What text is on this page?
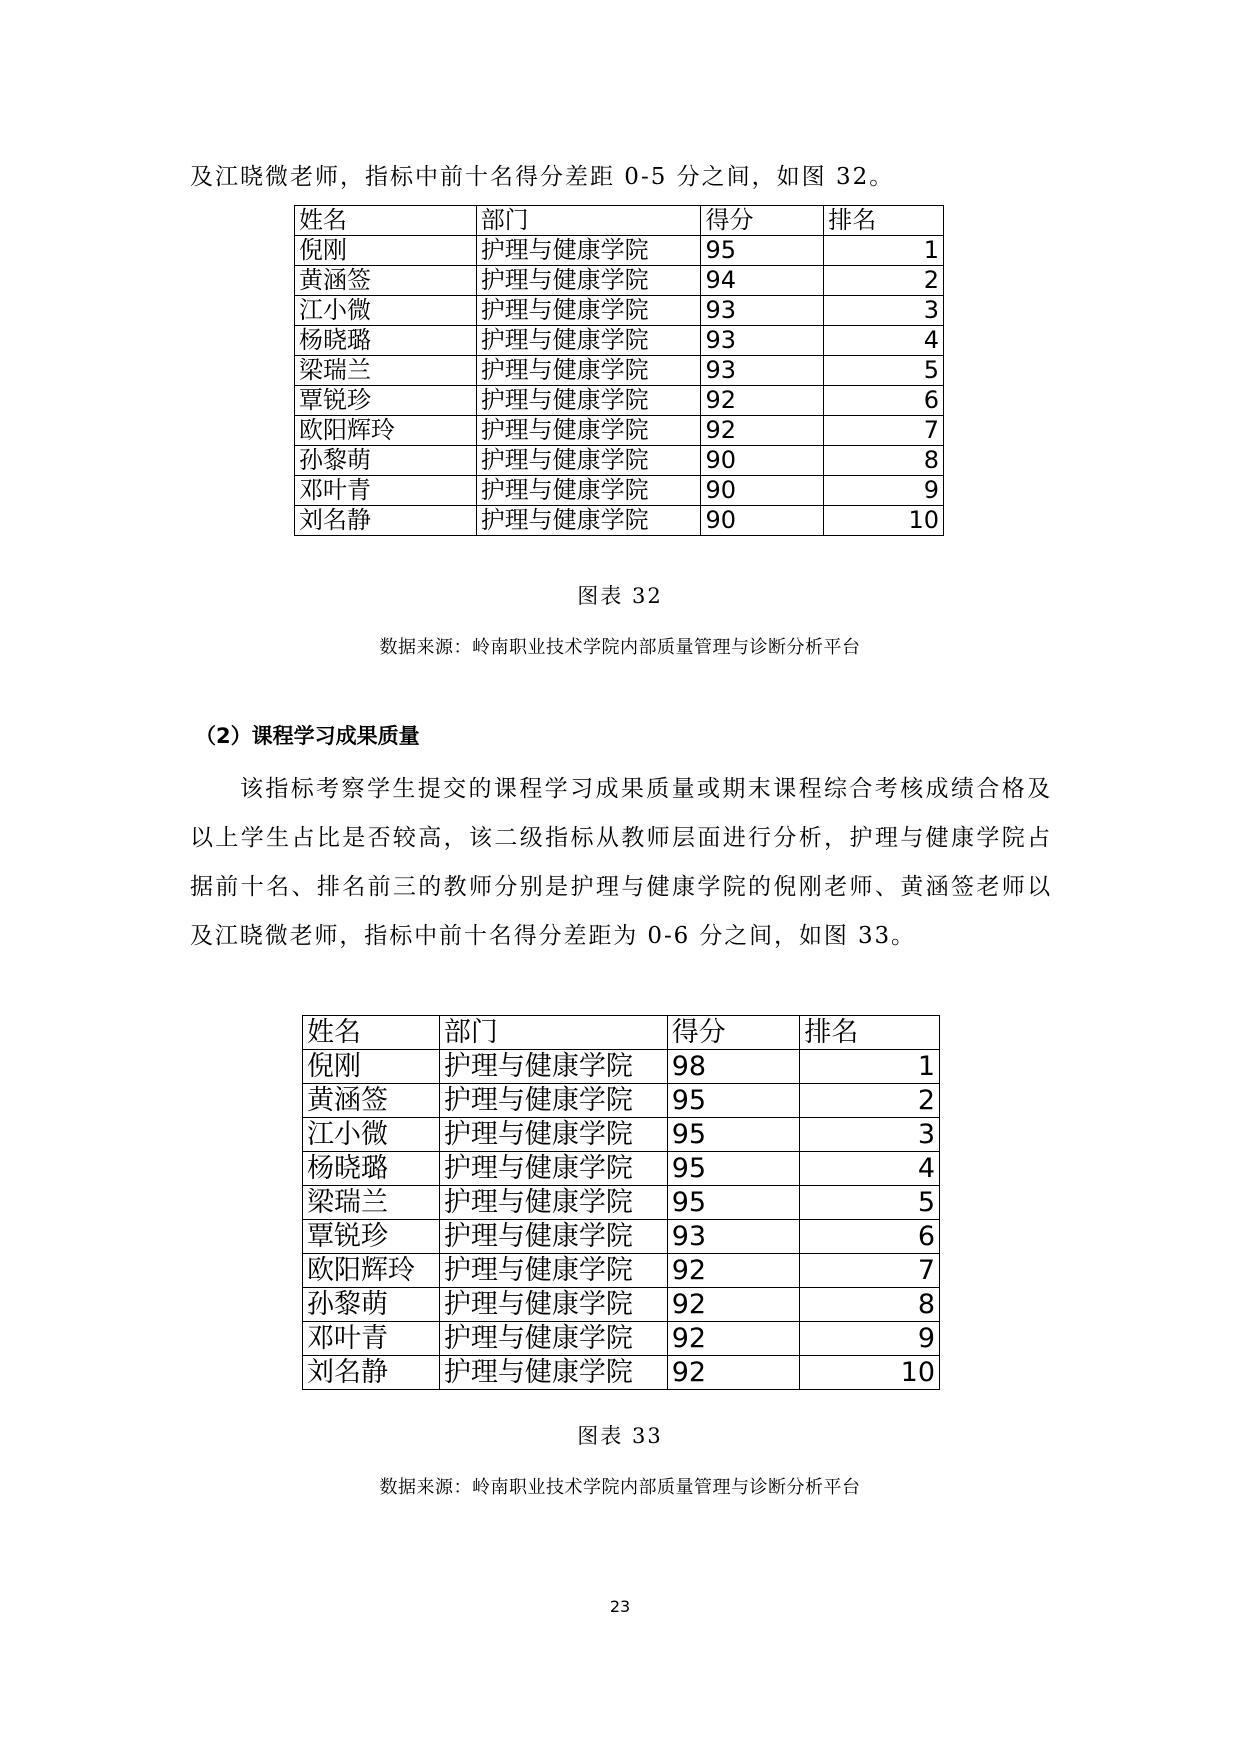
及江晓微老师，指标中前十名得分差距 0-5 分之间，如图 32。

姓名	部门	得分	排名
倪刚	护理与健康学院	95	1
黄涵签	护理与健康学院	94	2
江小微	护理与健康学院	93	3
杨晓璐	护理与健康学院	93	4
梁瑞兰	护理与健康学院	93	5
覃锐珍	护理与健康学院	92	6
欧阳辉玲	护理与健康学院	92	7
孙黎萌	护理与健康学院	90	8
邓叶青	护理与健康学院	90	9
刘名静	护理与健康学院	90	10

图表 32

数据来源：岭南职业技术学院内部质量管理与诊断分析平台

（2）课程学习成果质量

该指标考察学生提交的课程学习成果质量或期末课程综合考核成绩合格及以上学生占比是否较高，该二级指标从教师层面进行分析，护理与健康学院占据前十名、排名前三的教师分别是护理与健康学院的倪刚老师、黄涵签老师以及江晓微老师，指标中前十名得分差距为 0-6 分之间，如图 33。

姓名	部门	得分	排名
倪刚	护理与健康学院	98	1
黄涵签	护理与健康学院	95	2
江小微	护理与健康学院	95	3
杨晓璐	护理与健康学院	95	4
梁瑞兰	护理与健康学院	95	5
覃锐珍	护理与健康学院	93	6
欧阳辉玲	护理与健康学院	92	7
孙黎萌	护理与健康学院	92	8
邓叶青	护理与健康学院	92	9
刘名静	护理与健康学院	92	10

图表 33

数据来源：岭南职业技术学院内部质量管理与诊断分析平台

23
